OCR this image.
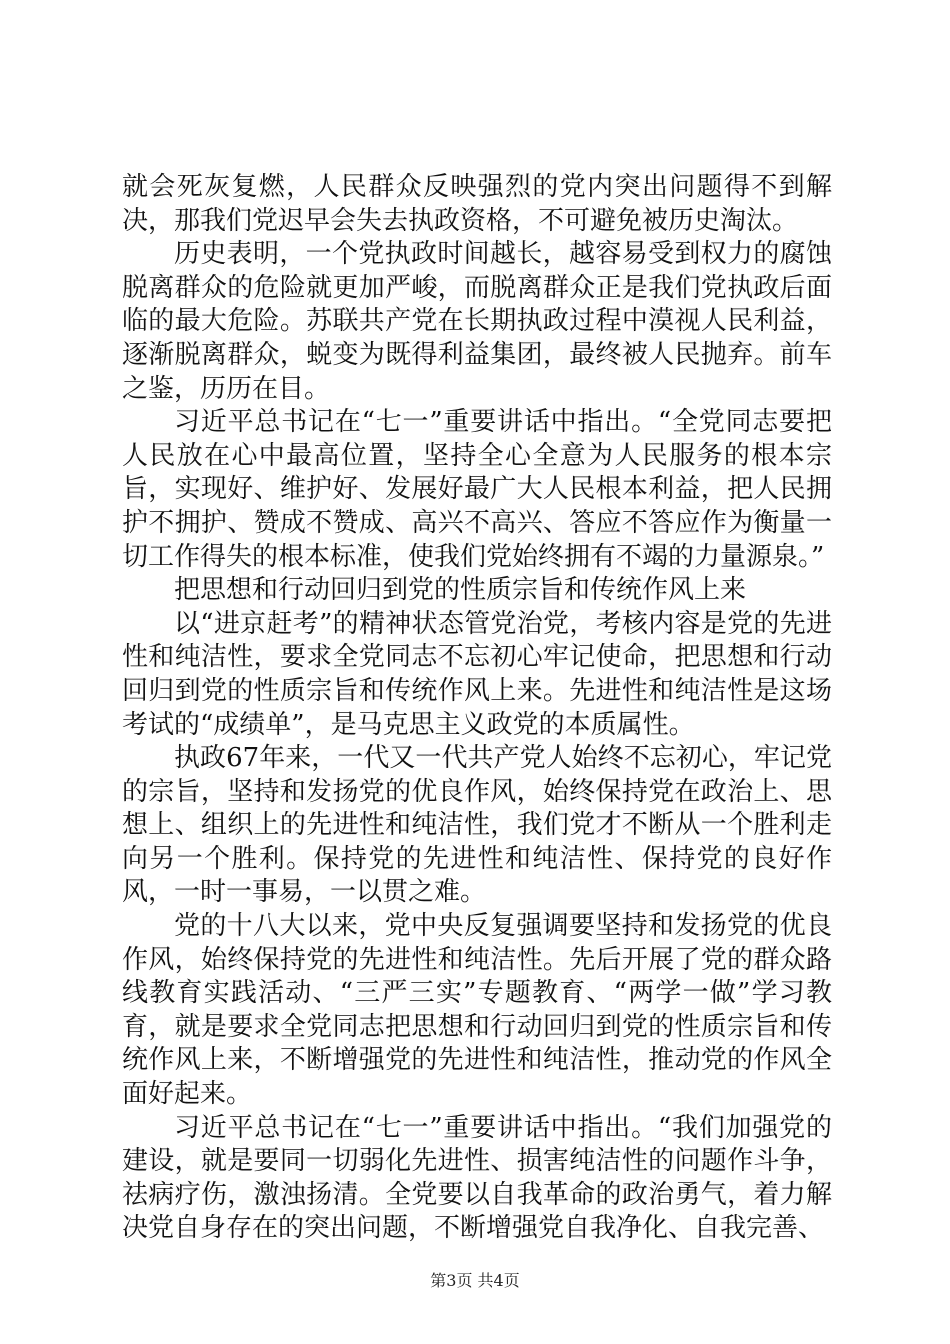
就会死灰复燃，人民群众反映强烈的党内突出问题得不到解决，那我们党迟早会失去执政资格，不可避免被历史淘汰。

历史表明，一个党执政时间越长，越容易受到权力的腐蚀脱离群众的危险就更加严峻，而脱离群众正是我们党执政后面临的最大危险。苏联共产党在长期执政过程中漠视人民利益，逐渐脱离群众，蜕变为既得利益集团，最终被人民抛弃。前车之鉴，历历在目。

习近平总书记在“七一”重要讲话中指出。“全党同志要把人民放在心中最高位置，坚持全心全意为人民服务的根本宗旨，实现好、维护好、发展好最广大人民根本利益，把人民拥护不拥护、赞成不赞成、高兴不高兴、答应不答应作为衡量一切工作得失的根本标准，使我们党始终拥有不竭的力量源泉。”

把思想和行动回归到党的性质宗旨和传统作风上来

以“进京赶考”的精神状态管党治党，考核内容是党的先进性和纯洁性，要求全党同志不忘初心牢记使命，把思想和行动回归到党的性质宗旨和传统作风上来。先进性和纯洁性是这场考试的“成绩单”，是马克思主义政党的本质属性。

执政67年来，一代又一代共产党人始终不忘初心，牢记党的宗旨，坚持和发扬党的优良作风，始终保持党在政治上、思想上、组织上的先进性和纯洁性，我们党才不断从一个胜利走向另一个胜利。保持党的先进性和纯洁性、保持党的良好作风，一时一事易，一以贯之难。

党的十八大以来，党中央反复强调要坚持和发扬党的优良作风，始终保持党的先进性和纯洁性。先后开展了党的群众路线教育实践活动、“三严三实”专题教育、“两学一做”学习教育，就是要求全党同志把思想和行动回归到党的性质宗旨和传统作风上来，不断增强党的先进性和纯洁性，推动党的作风全面好起来。

习近平总书记在“七一”重要讲话中指出。“我们加强党的建设，就是要同一切弱化先进性、损害纯洁性的问题作斗争，祛病疗伤，激浊扬清。全党要以自我革命的政治勇气，着力解决党自身存在的突出问题，不断增强党自我净化、自我完善、

第3页 共4页
